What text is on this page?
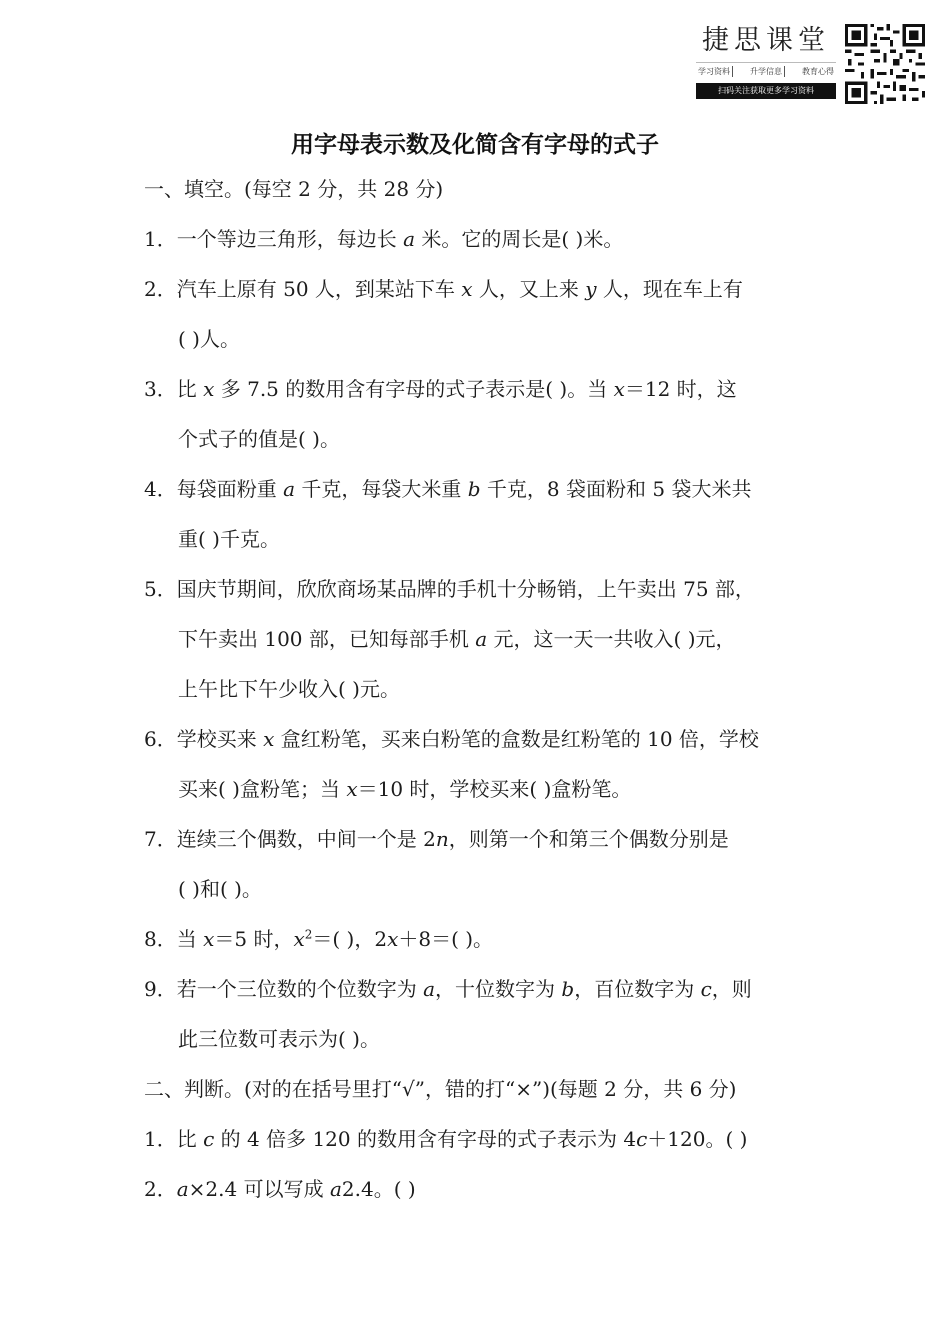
捷思课堂
学习资料	升学信息	教育心得
扫码关注获取更多学习资料
用字母表示数及化简含有字母的式子
一、填空。(每空 2 分，共 28 分)
1．一个等边三角形，每边长 a 米。它的周长是( )米。
2．汽车上原有 50 人，到某站下车 x 人，又上来 y 人，现在车上有
( )人。
3．比 x 多 7.5 的数用含有字母的式子表示是( )。当 x＝12 时，这
个式子的值是( )。
4．每袋面粉重 a 千克，每袋大米重 b 千克，8 袋面粉和 5 袋大米共
重( )千克。
5．国庆节期间，欣欣商场某品牌的手机十分畅销，上午卖出 75 部，
下午卖出 100 部，已知每部手机 a 元，这一天一共收入( )元，
上午比下午少收入( )元。
6．学校买来 x 盒红粉笔，买来白粉笔的盒数是红粉笔的 10 倍，学校
买来( )盒粉笔；当 x＝10 时，学校买来( )盒粉笔。
7．连续三个偶数，中间一个是 2n，则第一个和第三个偶数分别是
( )和( )。
8．当 x＝5 时，$x^2=$( )，2x＋8＝( )。
9．若一个三位数的个位数字为 a，十位数字为 b，百位数字为 c，则
此三位数可表示为( )。
二、判断。(对的在括号里打“√”，错的打“×”)(每题 2 分，共 6 分)
1．比 c 的 4 倍多 120 的数用含有字母的式子表示为 4c＋120。( )
2．a×2.4 可以写成 a2.4。( )
